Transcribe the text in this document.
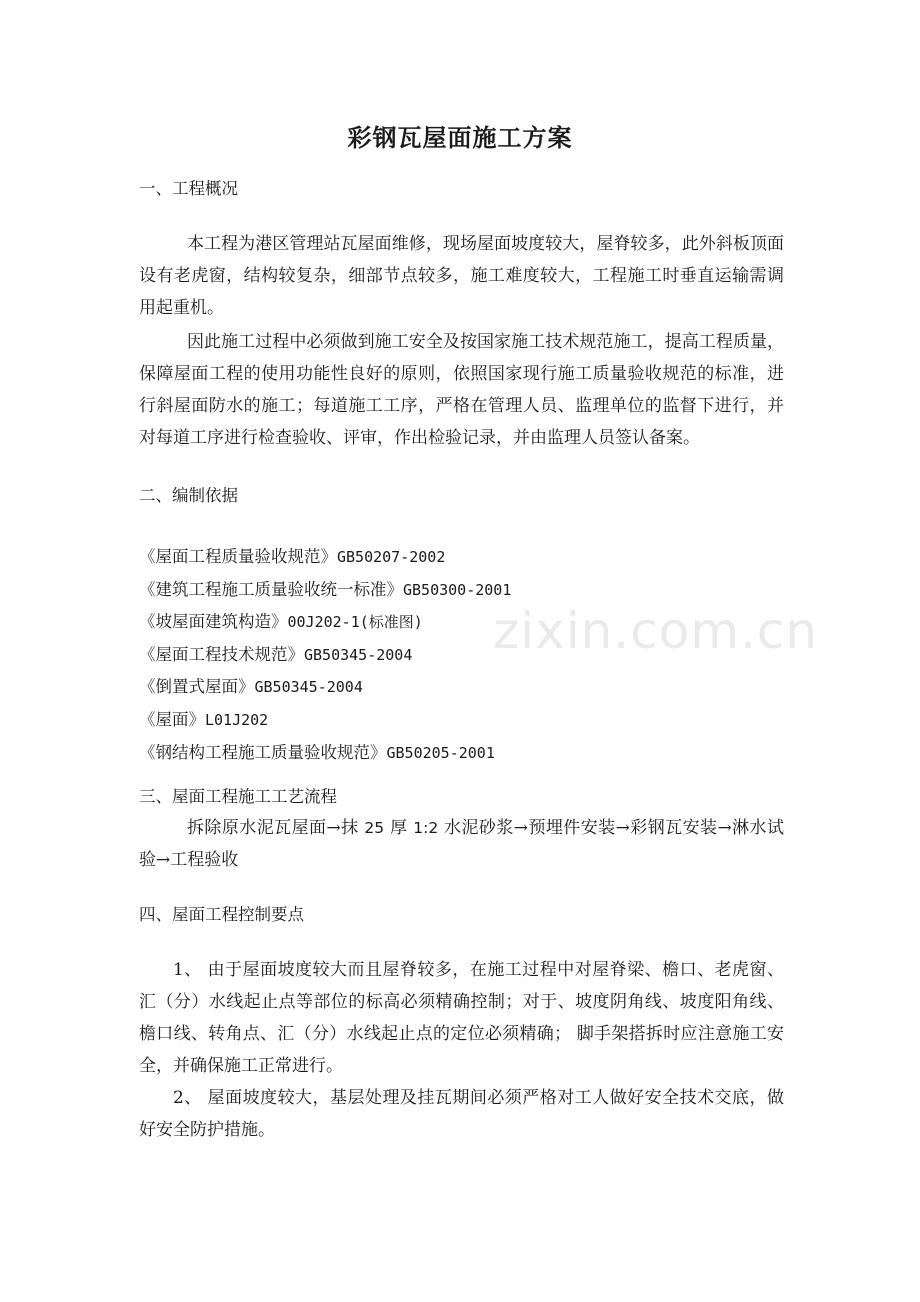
彩钢瓦屋面施工方案
一、工程概况
本工程为港区管理站瓦屋面维修，现场屋面坡度较大，屋脊较多，此外斜板顶面设有老虎窗，结构较复杂，细部节点较多，施工难度较大，工程施工时垂直运输需调用起重机。
因此施工过程中必须做到施工安全及按国家施工技术规范施工，提高工程质量，保障屋面工程的使用功能性良好的原则，依照国家现行施工质量验收规范的标准，进行斜屋面防水的施工；每道施工工序，严格在管理人员、监理单位的监督下进行，并对每道工序进行检查验收、评审，作出检验记录，并由监理人员签认备案。
二、编制依据
《屋面工程质量验收规范》GB50207-2002
《建筑工程施工质量验收统一标准》GB50300-2001
《坡屋面建筑构造》00J202-1(标准图)
《屋面工程技术规范》GB50345-2004
《倒置式屋面》GB50345-2004
《屋面》L01J202
《钢结构工程施工质量验收规范》GB50205-2001
zixin.com.cn
三、屋面工程施工工艺流程
拆除原水泥瓦屋面→抹 25 厚 1:2 水泥砂浆→预埋件安装→彩钢瓦安装→淋水试验→工程验收
四、屋面工程控制要点
1、 由于屋面坡度较大而且屋脊较多，在施工过程中对屋脊梁、檐口、老虎窗、汇（分）水线起止点等部位的标高必须精确控制；对于、坡度阴角线、坡度阳角线、檐口线、转角点、汇（分）水线起止点的定位必须精确； 脚手架搭拆时应注意施工安全，并确保施工正常进行。
2、 屋面坡度较大，基层处理及挂瓦期间必须严格对工人做好安全技术交底，做好安全防护措施。
